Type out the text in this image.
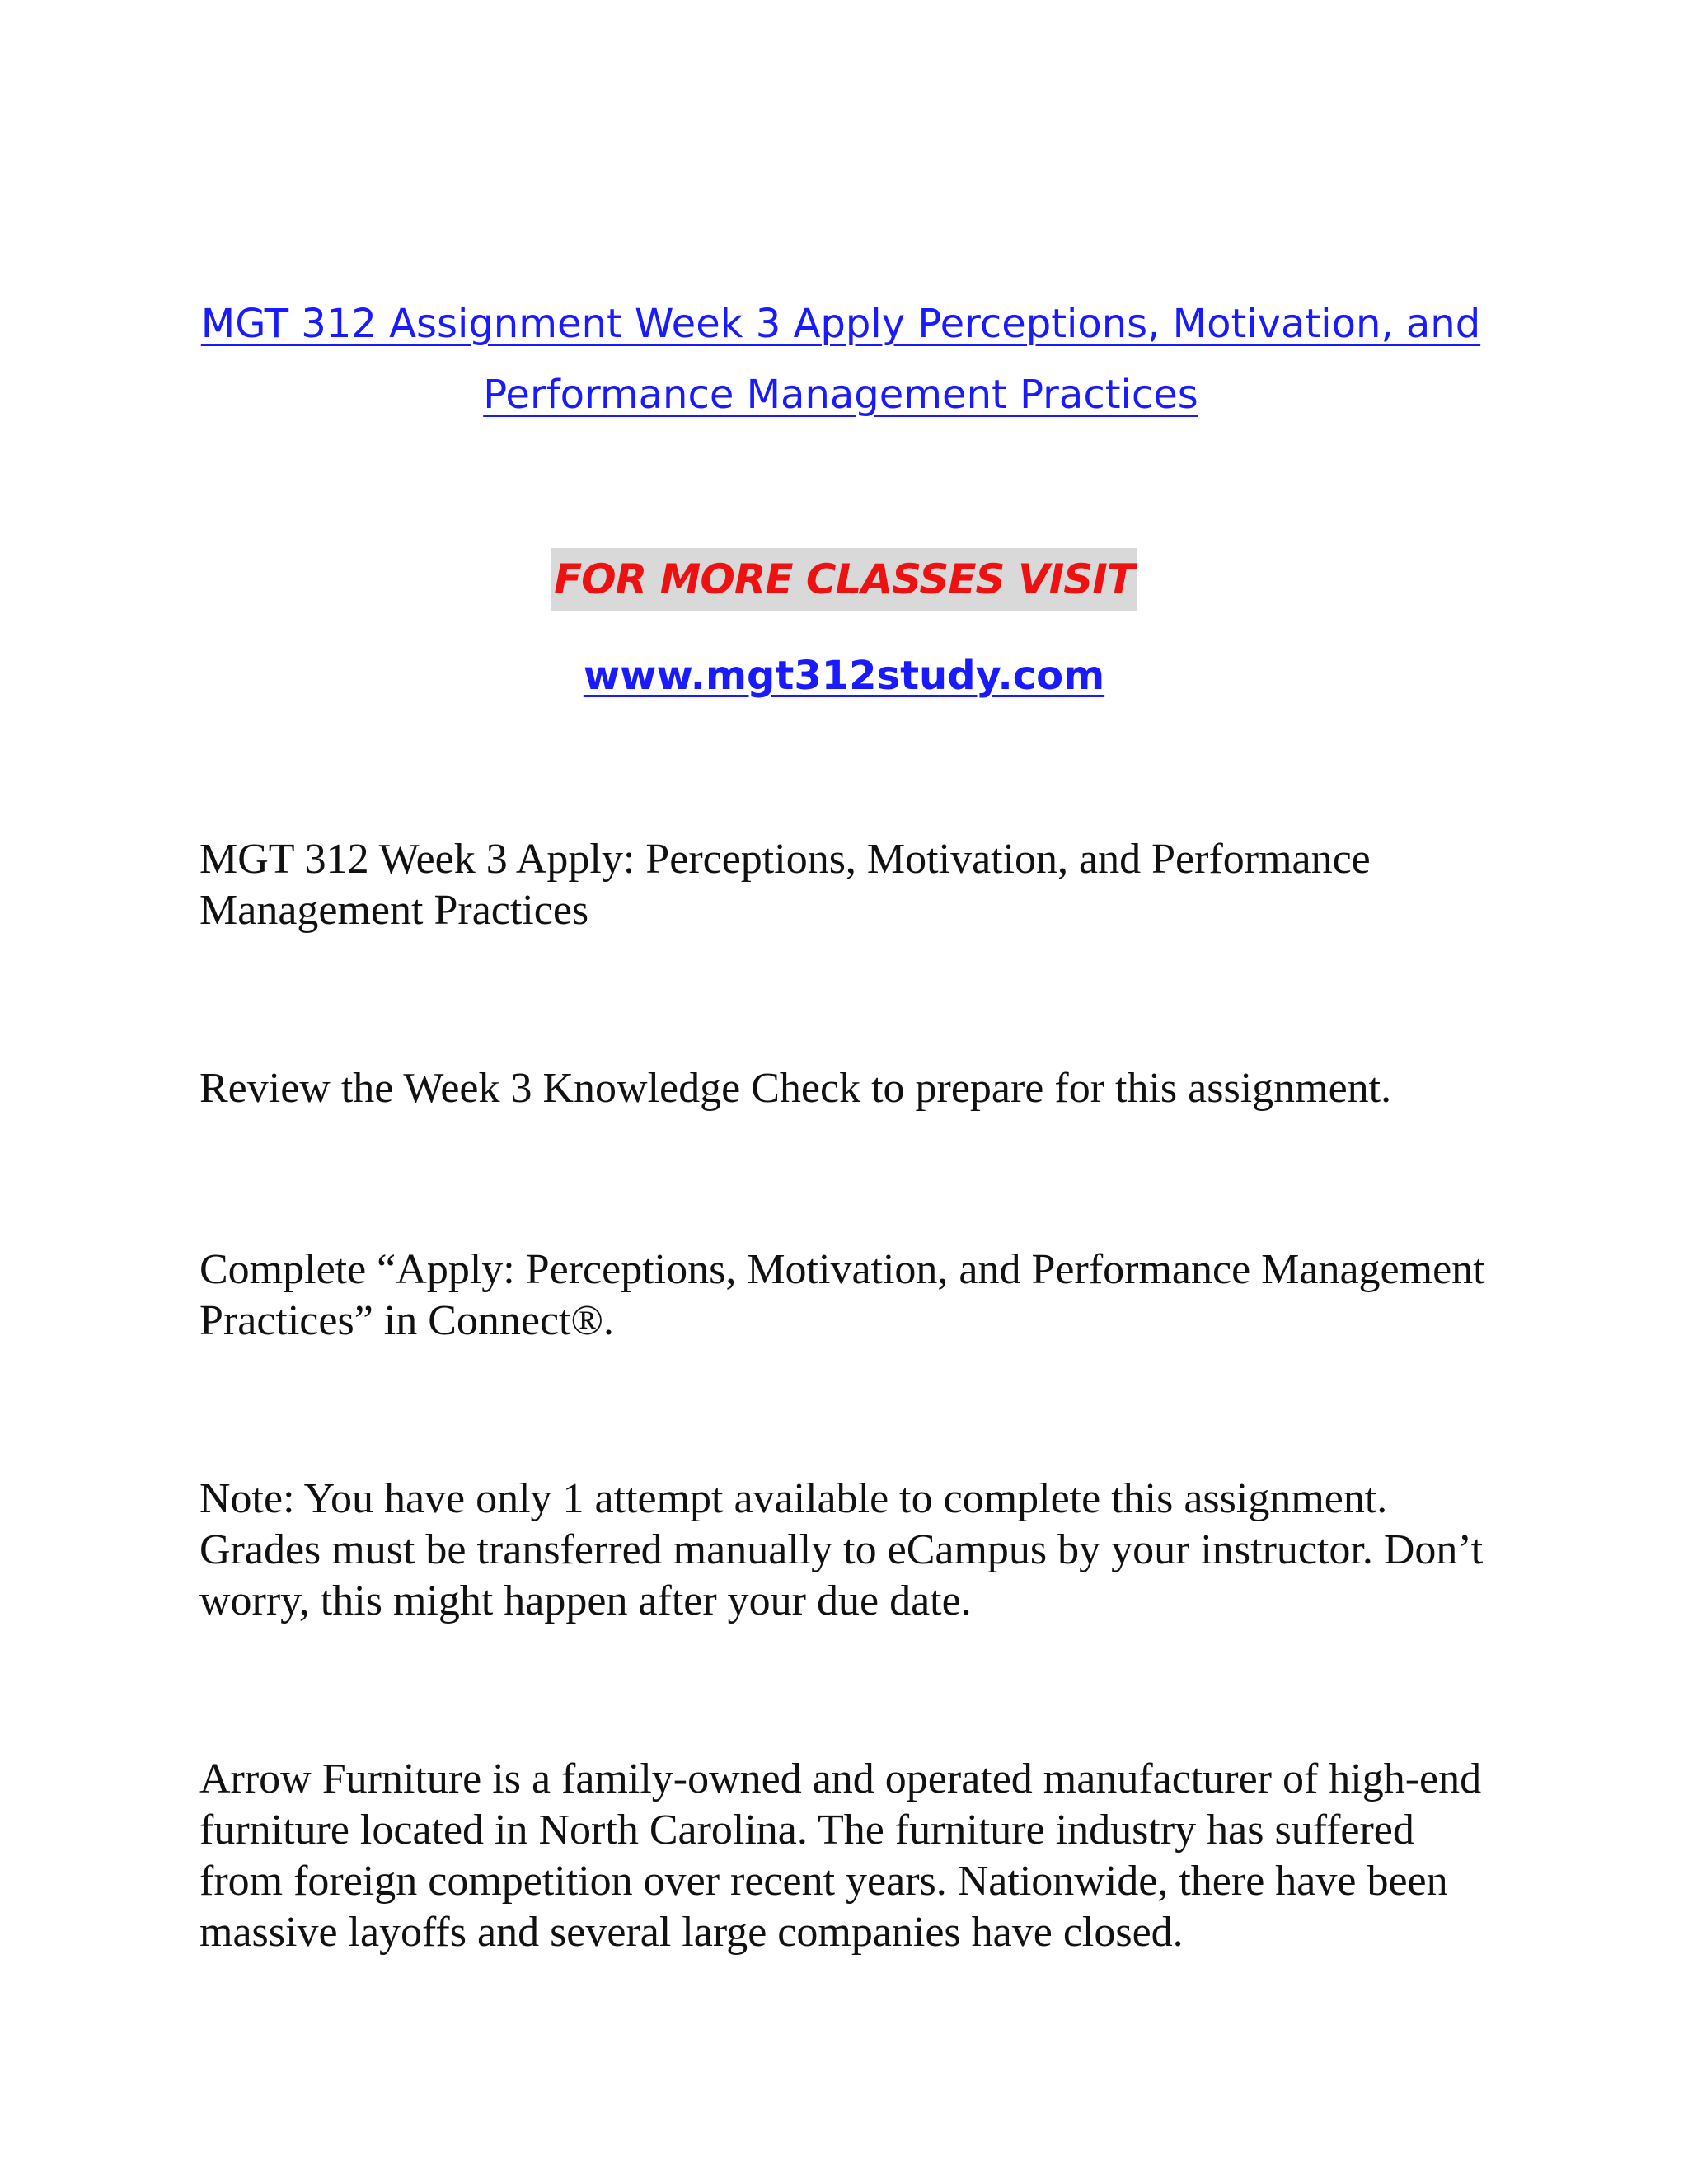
MGT 312 Assignment Week 3 Apply Perceptions, Motivation, and Performance Management Practices
FOR MORE CLASSES VISIT
www.mgt312study.com

MGT 312 Week 3 Apply: Perceptions, Motivation, and Performance Management Practices

Review the Week 3 Knowledge Check to prepare for this assignment.

Complete “Apply: Perceptions, Motivation, and Performance Management Practices” in Connect®.

Note: You have only 1 attempt available to complete this assignment. Grades must be transferred manually to eCampus by your instructor. Don’t worry, this might happen after your due date.

Arrow Furniture is a family-owned and operated manufacturer of high-end furniture located in North Carolina. The furniture industry has suffered from foreign competition over recent years. Nationwide, there have been massive layoffs and several large companies have closed.
